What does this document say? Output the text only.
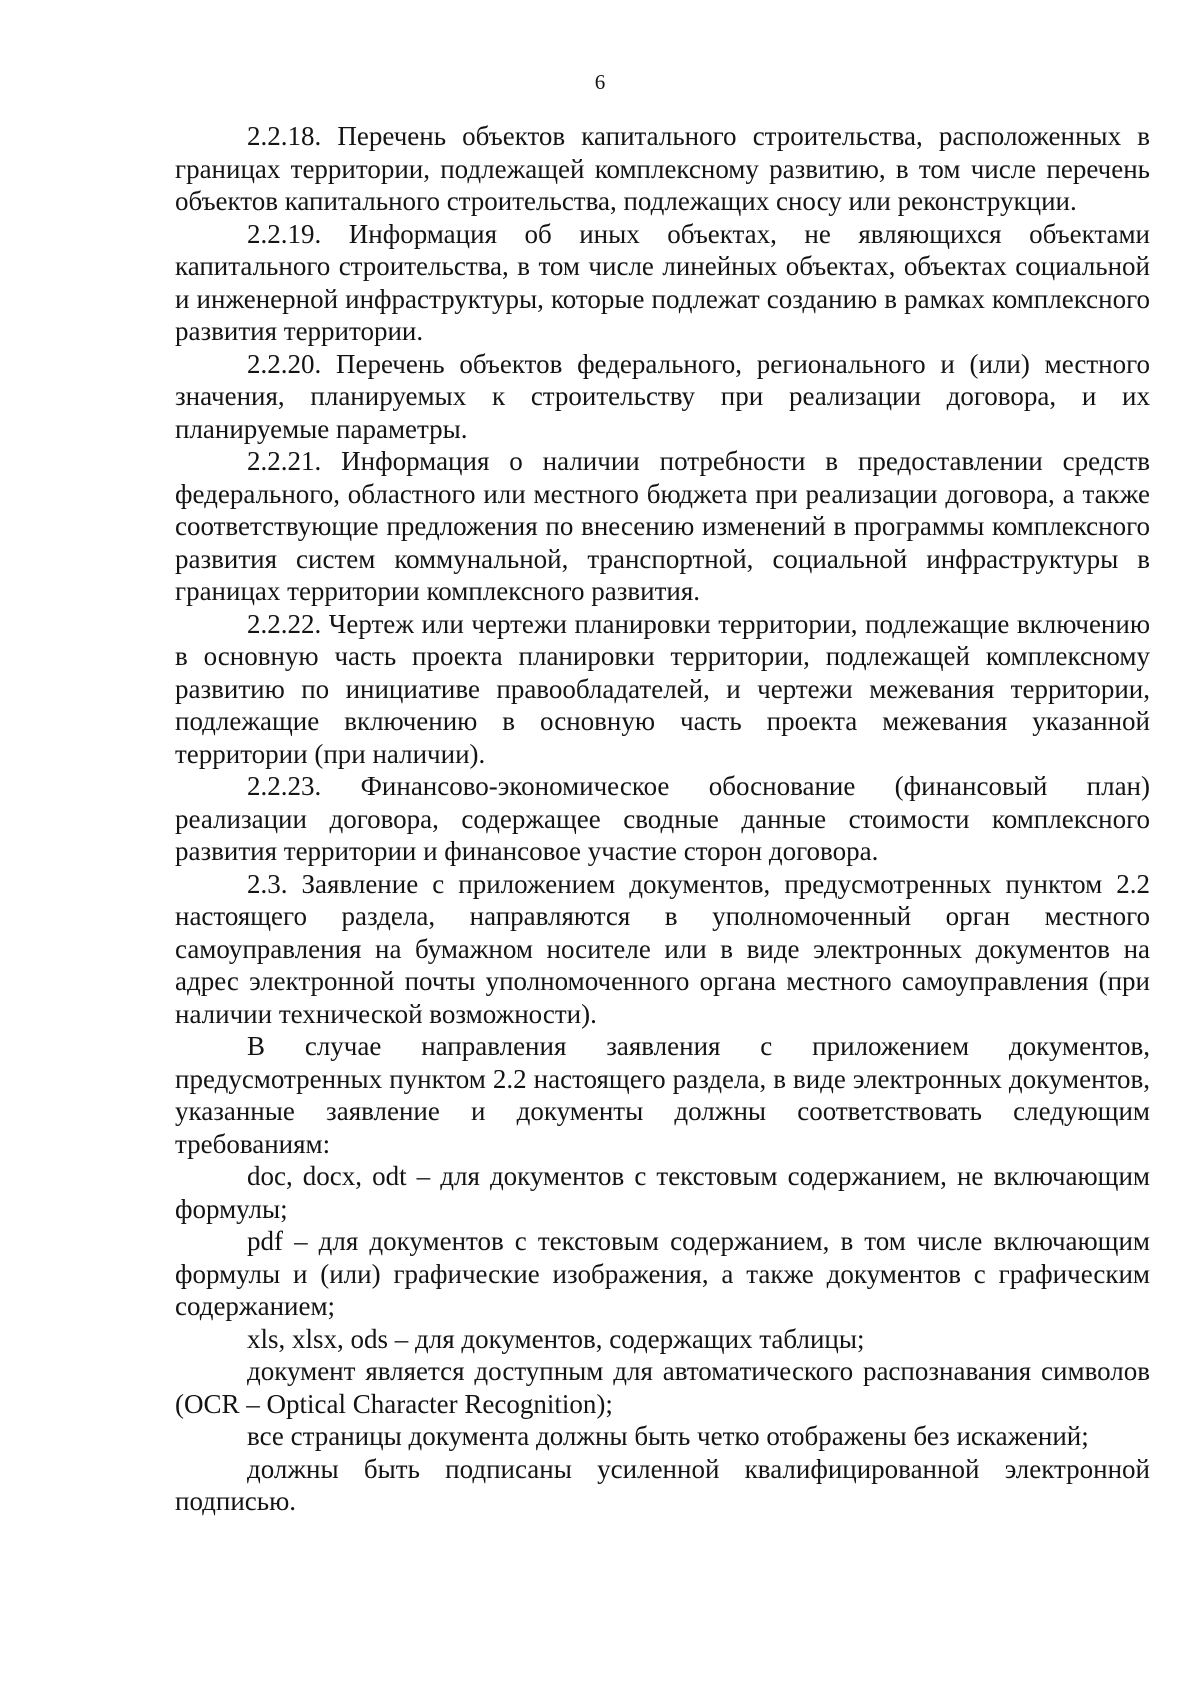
6

2.2.18. Перечень объектов капитального строительства, расположенных в границах территории, подлежащей комплексному развитию, в том числе перечень объектов капитального строительства, подлежащих сносу или реконструкции.

2.2.19. Информация об иных объектах, не являющихся объектами капитального строительства, в том числе линейных объектах, объектах социальной и инженерной инфраструктуры, которые подлежат созданию в рамках комплексного развития территории.

2.2.20. Перечень объектов федерального, регионального и (или) местного значения, планируемых к строительству при реализации договора, и их планируемые параметры.

2.2.21. Информация о наличии потребности в предоставлении средств федерального, областного или местного бюджета при реализации договора, а также соответствующие предложения по внесению изменений в программы комплексного развития систем коммунальной, транспортной, социальной инфраструктуры в границах территории комплексного развития.

2.2.22. Чертеж или чертежи планировки территории, подлежащие включению в основную часть проекта планировки территории, подлежащей комплексному развитию по инициативе правообладателей, и чертежи межевания территории, подлежащие включению в основную часть проекта межевания указанной территории (при наличии).

2.2.23. Финансово-экономическое обоснование (финансовый план) реализации договора, содержащее сводные данные стоимости комплексного развития территории и финансовое участие сторон договора.

2.3. Заявление с приложением документов, предусмотренных пунктом 2.2 настоящего раздела, направляются в уполномоченный орган местного самоуправления на бумажном носителе или в виде электронных документов на адрес электронной почты уполномоченного органа местного самоуправления (при наличии технической возможности).

В случае направления заявления с приложением документов, предусмотренных пунктом 2.2 настоящего раздела, в виде электронных документов, указанные заявление и документы должны соответствовать следующим требованиям:

doc, docx, odt – для документов с текстовым содержанием, не включающим формулы;

pdf – для документов с текстовым содержанием, в том числе включающим формулы и (или) графические изображения, а также документов с графическим содержанием;

xls, xlsx, ods – для документов, содержащих таблицы;

документ является доступным для автоматического распознавания символов (OCR – Optical Character Recognition);

все страницы документа должны быть четко отображены без искажений;

должны быть подписаны усиленной квалифицированной электронной подписью.
